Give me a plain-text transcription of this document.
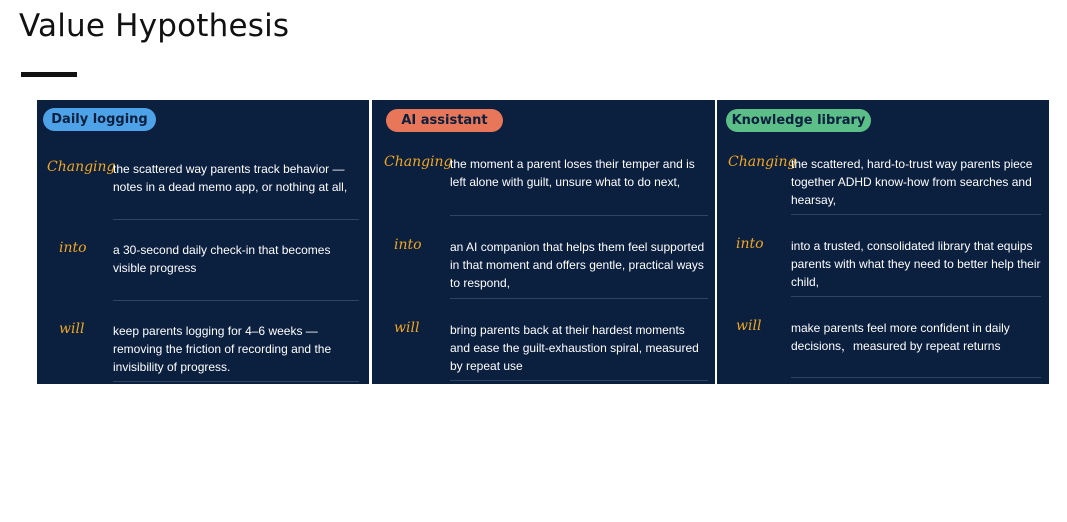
Value Hypothesis
Daily logging
Changing
the scattered way parents track behavior — notes in a dead memo app, or nothing at all,
into a 30-second daily check-in that becomes visible progress
will keep parents logging for 4–6 weeks — removing the friction of recording and the invisibility of progress.
AI assistant
Changing
the moment a parent loses their temper and is left alone with guilt, unsure what to do next,
into an AI companion that helps them feel supported in that moment and offers gentle, practical ways to respond,
will	bring parents back at their hardest moments and ease the guilt-exhaustion spiral, measured by repeat use
Knowledge library
Changing
the scattered, hard-to-trust way parents piece together ADHD know-how from searches and hearsay,
into into a trusted, consolidated library that equips parents with what they need to better help their child,
will make parents feel more confident in daily decisions，measured by repeat returns
